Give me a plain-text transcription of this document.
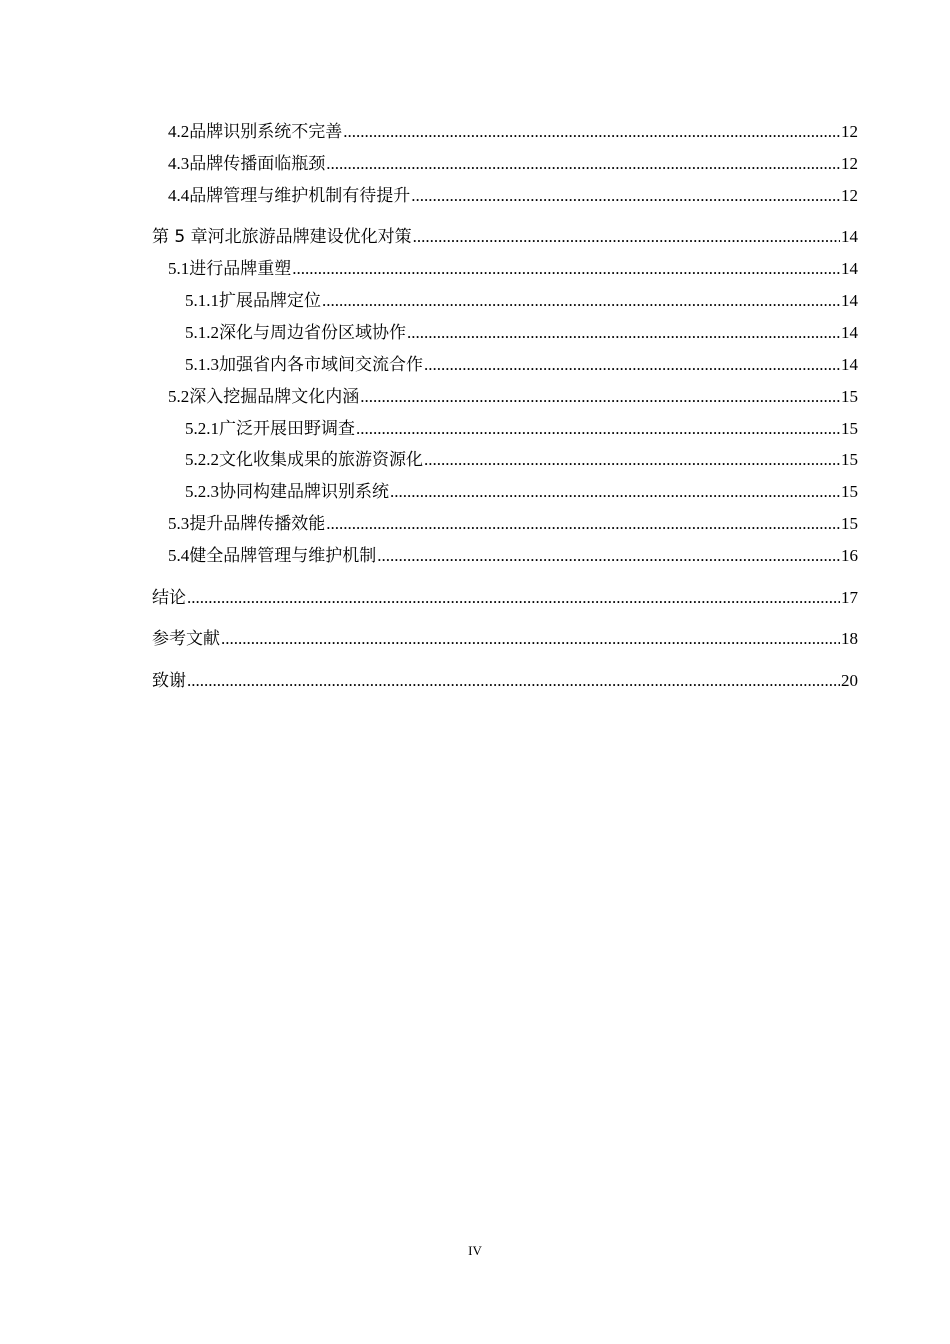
4.2 品牌识别系统不完善 .....	12
4.3 品牌传播面临瓶颈 .....	12
4.4 品牌管理与维护机制有待提升 .....	12
第 5 章 河北旅游品牌建设优化对策 .....	14
5.1 进行品牌重塑 .....	14
5.1.1 扩展品牌定位 .....	14
5.1.2 深化与周边省份区域协作 .....	14
5.1.3 加强省内各市域间交流合作 .....	14
5.2 深入挖掘品牌文化内涵 .....	15
5.2.1 广泛开展田野调查 .....	15
5.2.2 文化收集成果的旅游资源化 .....	15
5.2.3 协同构建品牌识别系统 .....	15
5.3 提升品牌传播效能 .....	15
5.4 健全品牌管理与维护机制 .....	16
结论 .....	17
参考文献 .....	18
致谢 .....	20
IV
